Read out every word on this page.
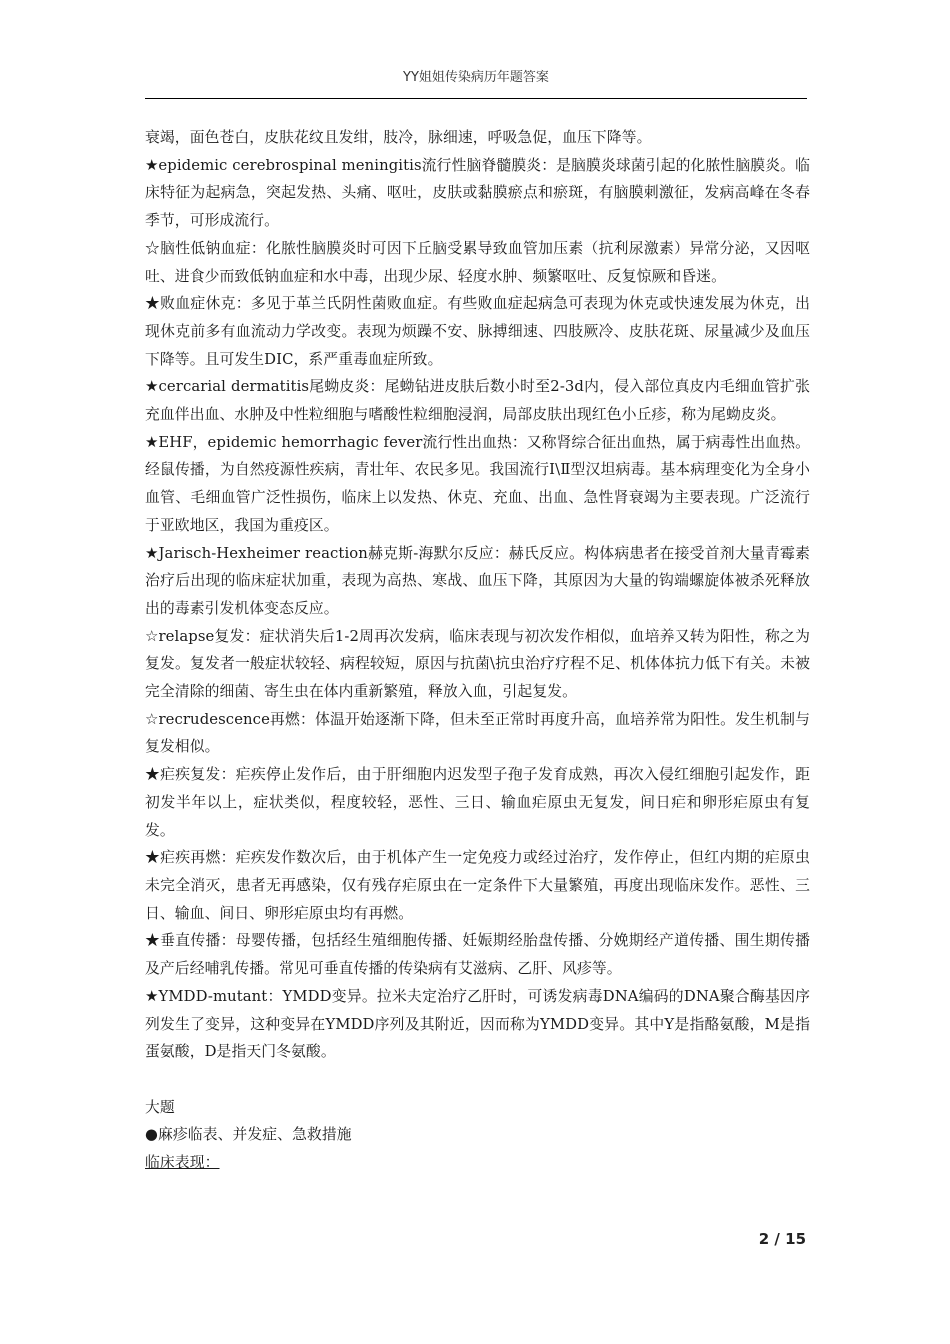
YY姐姐传染病历年题答案

衰竭，面色苍白，皮肤花纹且发绀，肢冷，脉细速，呼吸急促，血压下降等。

★epidemic cerebrospinal meningitis流行性脑脊髓膜炎：是脑膜炎球菌引起的化脓性脑膜炎。临床特征为起病急，突起发热、头痛、呕吐，皮肤或黏膜瘀点和瘀斑，有脑膜刺激征，发病高峰在冬春季节，可形成流行。

☆脑性低钠血症：化脓性脑膜炎时可因下丘脑受累导致血管加压素（抗利尿激素）异常分泌，又因呕吐、进食少而致低钠血症和水中毒，出现少尿、轻度水肿、频繁呕吐、反复惊厥和昏迷。

★败血症休克：多见于革兰氏阴性菌败血症。有些败血症起病急可表现为休克或快速发展为休克，出现休克前多有血流动力学改变。表现为烦躁不安、脉搏细速、四肢厥冷、皮肤花斑、尿量减少及血压下降等。且可发生DIC，系严重毒血症所致。

★cercarial dermatitis尾蚴皮炎：尾蚴钻进皮肤后数小时至2-3d内，侵入部位真皮内毛细血管扩张充血伴出血、水肿及中性粒细胞与嗜酸性粒细胞浸润，局部皮肤出现红色小丘疹，称为尾蚴皮炎。

★EHF，epidemic hemorrhagic fever流行性出血热：又称肾综合征出血热，属于病毒性出血热。经鼠传播，为自然疫源性疾病，青壮年、农民多见。我国流行Ⅰ\Ⅱ型汉坦病毒。基本病理变化为全身小血管、毛细血管广泛性损伤，临床上以发热、休克、充血、出血、急性肾衰竭为主要表现。广泛流行于亚欧地区，我国为重疫区。

★Jarisch-Hexheimer reaction赫克斯-海默尔反应：赫氏反应。构体病患者在接受首剂大量青霉素治疗后出现的临床症状加重，表现为高热、寒战、血压下降，其原因为大量的钩端螺旋体被杀死释放出的毒素引发机体变态反应。

☆relapse复发：症状消失后1-2周再次发病，临床表现与初次发作相似，血培养又转为阳性，称之为复发。复发者一般症状较轻、病程较短，原因与抗菌\抗虫治疗疗程不足、机体体抗力低下有关。未被完全清除的细菌、寄生虫在体内重新繁殖，释放入血，引起复发。

☆recrudescence再燃：体温开始逐渐下降，但未至正常时再度升高，血培养常为阳性。发生机制与复发相似。

★疟疾复发：疟疾停止发作后，由于肝细胞内迟发型子孢子发育成熟，再次入侵红细胞引起发作，距初发半年以上，症状类似，程度较轻，恶性、三日、输血疟原虫无复发，间日疟和卵形疟原虫有复发。

★疟疾再燃：疟疾发作数次后，由于机体产生一定免疫力或经过治疗，发作停止，但红内期的疟原虫未完全消灭，患者无再感染，仅有残存疟原虫在一定条件下大量繁殖，再度出现临床发作。恶性、三日、输血、间日、卵形疟原虫均有再燃。

★垂直传播：母婴传播，包括经生殖细胞传播、妊娠期经胎盘传播、分娩期经产道传播、围生期传播及产后经哺乳传播。常见可垂直传播的传染病有艾滋病、乙肝、风疹等。

★YMDD-mutant：YMDD变异。拉米夫定治疗乙肝时，可诱发病毒DNA编码的DNA聚合酶基因序列发生了变异，这种变异在YMDD序列及其附近，因而称为YMDD变异。其中Y是指酪氨酸，M是指蛋氨酸，D是指天门冬氨酸。

大题

●麻疹临表、并发症、急救措施

临床表现：

2 / 15
